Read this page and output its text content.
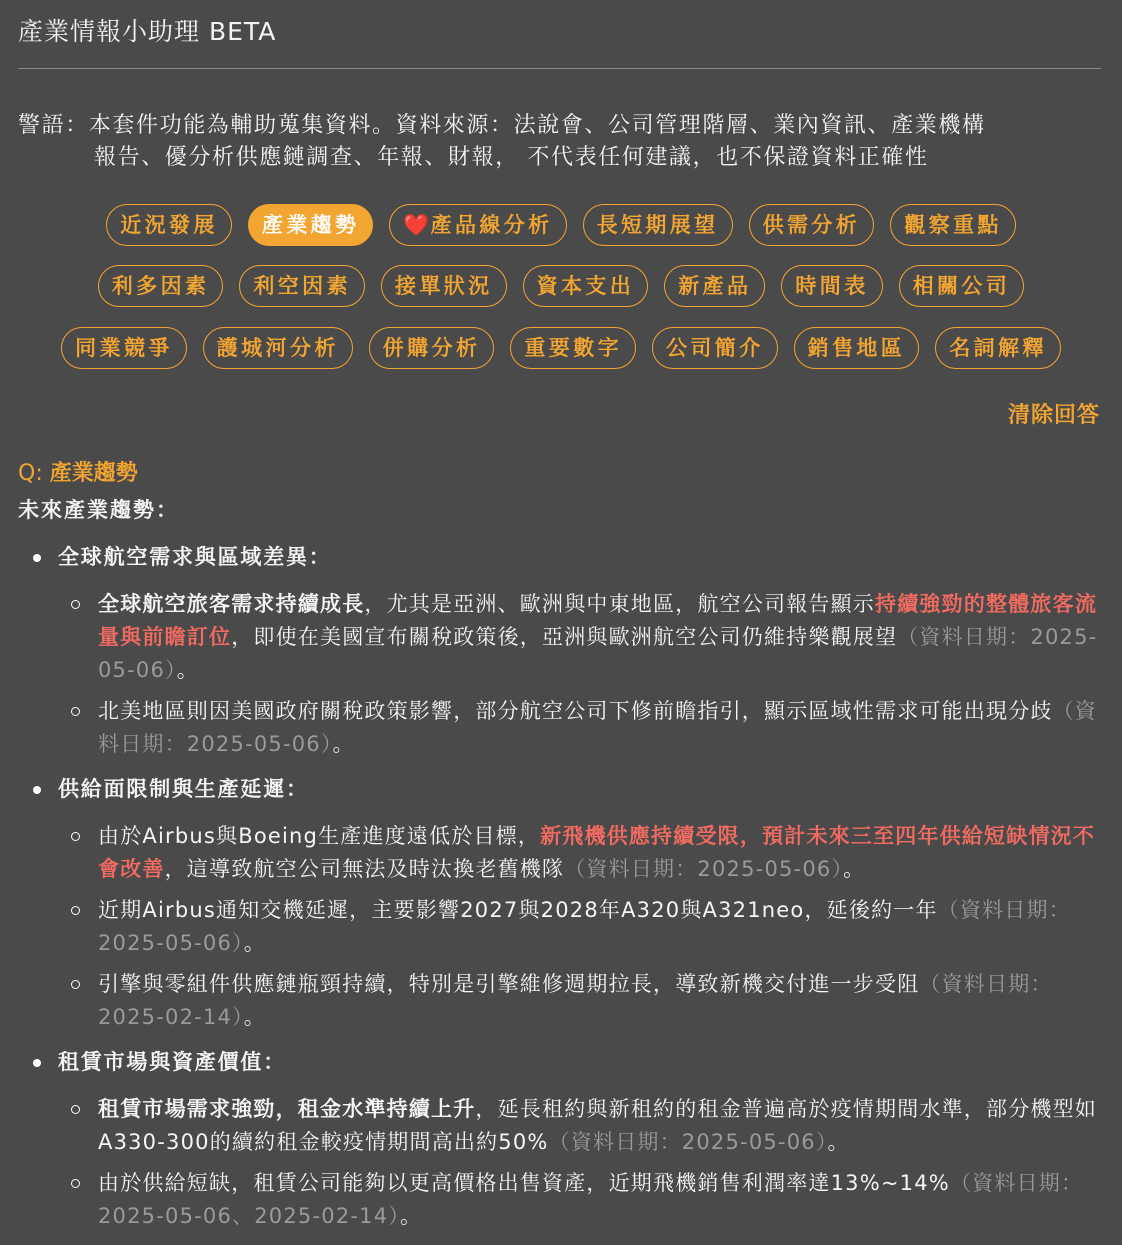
產業情報小助理 BETA
警語：本套件功能為輔助蒐集資料。資料來源：法說會、公司管理階層、業內資訊、產業機構
報告、優分析供應鏈調查、年報、財報， 不代表任何建議，也不保證資料正確性
近況發展	產業趨勢	❤️產品線分析	長短期展望	供需分析	觀察重點
利多因素	利空因素	接單狀況	資本支出	新產品	時間表	相關公司
同業競爭	護城河分析	併購分析	重要數字	公司簡介	銷售地區	名詞解釋
清除回答
Q: 產業趨勢
未來產業趨勢：
全球航空需求與區域差異：
全球航空旅客需求持續成長，尤其是亞洲、歐洲與中東地區，航空公司報告顯示持續強勁的整體旅客流量與前瞻訂位，即使在美國宣布關稅政策後，亞洲與歐洲航空公司仍維持樂觀展望（資料日期：2025-05-06）。
北美地區則因美國政府關稅政策影響，部分航空公司下修前瞻指引，顯示區域性需求可能出現分歧（資料日期：2025-05-06）。
供給面限制與生產延遲：
由於Airbus與Boeing生產進度遠低於目標，新飛機供應持續受限，預計未來三至四年供給短缺情況不會改善，這導致航空公司無法及時汰換老舊機隊（資料日期：2025-05-06）。
近期Airbus通知交機延遲，主要影響2027與2028年A320與A321neo，延後約一年（資料日期：2025-05-06）。
引擎與零組件供應鏈瓶頸持續，特別是引擎維修週期拉長，導致新機交付進一步受阻（資料日期：2025-02-14）。
租賃市場與資產價值：
租賃市場需求強勁，租金水準持續上升，延長租約與新租約的租金普遍高於疫情期間水準，部分機型如A330-300的續約租金較疫情期間高出約50%（資料日期：2025-05-06）。
由於供給短缺，租賃公司能夠以更高價格出售資產，近期飛機銷售利潤率達13%~14%（資料日期：2025-05-06、2025-02-14）。
